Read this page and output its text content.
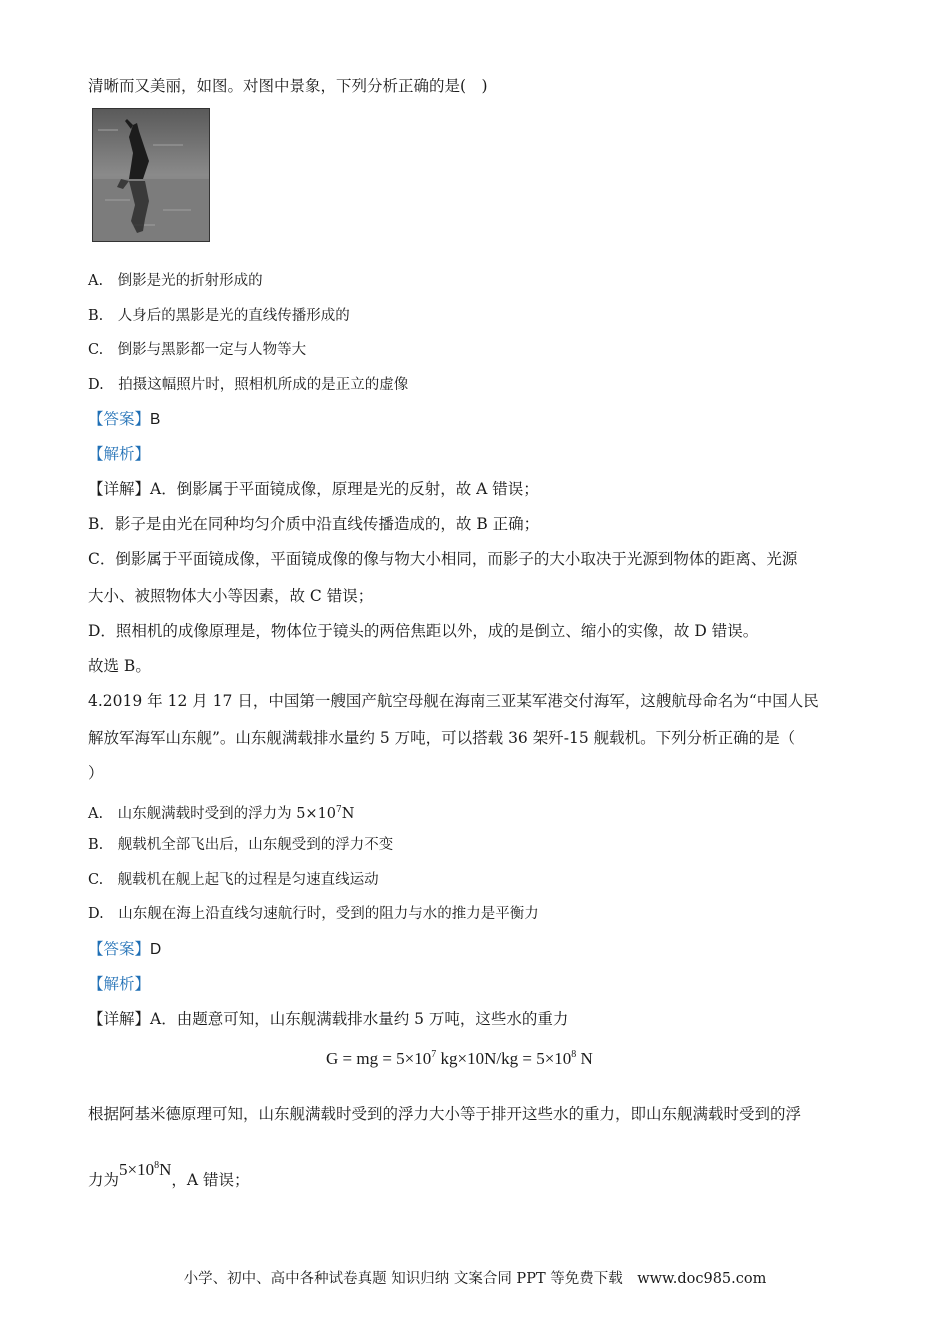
清晰而又美丽，如图。对图中景象，下列分析正确的是(　)
A.　倒影是光的折射形成的
B.　人身后的黑影是光的直线传播形成的
C.　倒影与黑影都一定与人物等大
D.　拍摄这幅照片时，照相机所成的是正立的虚像
【答案】B
【解析】
【详解】A．倒影属于平面镜成像，原理是光的反射，故 A 错误；
B．影子是由光在同种均匀介质中沿直线传播造成的，故 B 正确；
C．倒影属于平面镜成像，平面镜成像的像与物大小相同，而影子的大小取决于光源到物体的距离、光源
大小、被照物体大小等因素，故 C 错误；
D．照相机的成像原理是，物体位于镜头的两倍焦距以外，成的是倒立、缩小的实像，故 D 错误。
故选 B。
4.2019 年 12 月 17 日，中国第一艘国产航空母舰在海南三亚某军港交付海军，这艘航母命名为“中国人民
解放军海军山东舰”。山东舰满载排水量约 5 万吨，可以搭载 36 架歼-15 舰载机。下列分析正确的是（
）
A.　山东舰满载时受到的浮力为 $5\times 10^7N$
B.　舰载机全部飞出后，山东舰受到的浮力不变
C.　舰载机在舰上起飞的过程是匀速直线运动
D.　山东舰在海上沿直线匀速航行时，受到的阻力与水的推力是平衡力
【答案】D
【解析】
【详解】A．由题意可知，山东舰满载排水量约 5 万吨，这些水的重力
G = mg = $5\times 10^7$ $kg\times 10N/kg = 5\times 10^8$ N
根据阿基米德原理可知，山东舰满载时受到的浮力大小等于排开这些水的重力，即山东舰满载时受到的浮
力为$5\times 10^8N$，A 错误；
小学、初中、高中各种试卷真题 知识归纳 文案合同 PPT 等免费下载　www.doc985.com
